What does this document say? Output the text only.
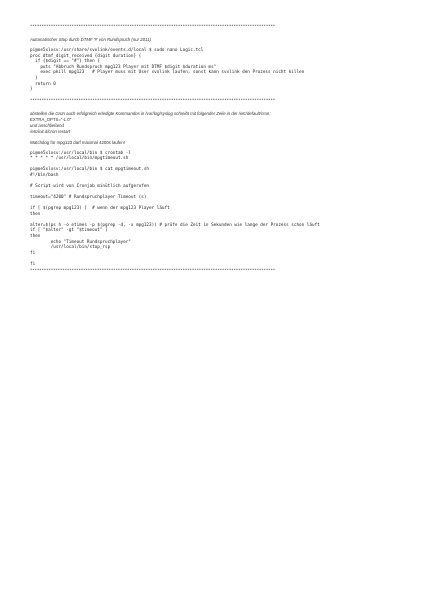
**********************************************************************************************************
Automatischer Stop durch DTMF '#' von Rundspruch (nur 2011)
pi@oe5xlxsv:/usr/share/svxlink/events.d/local $ sudo nano Logic.tcl
proc dtmf_digit_received {digit duration} {
if {$digit == "#"} then {
puts "Abbruch Rundspruch mpg123 Player mit DTMF $digit $duration ms"
exec pkill mpg123   # Player muss mit User svxlink laufen, sonst kann svxlink den Prozess nicht killen
}
return 0
}
**********************************************************************************************************
abstellen die Grün auch erfolgreich erledigte Kommandos in /var/log/syslog schreibt mit folgender Zeile in der /etc/default/cron:
EXTRA_OPTS="-L 0"
und anschließend
/etc/init.d/cron restart
Watchdog für mpg123 darf maximal 4200s laufen!
pi@oe5xlxsv:/usr/local/bin $ crontab -l
* * * * * /usr/local/bin/mpgtimeout.sh
pi@oe5xlxsv:/usr/local/bin $ cat mpgtimeout.sh
#!/bin/bash

# Script wird von Cronjab minütlich aufgerufen

timeout="4200" # Rundspruchplayer Timeout (s)

if [ $(pgrep mpg123) ]  # wenn der mpg123 Player läuft
then

alter=$(ps h -o etimes -p $(pgrep -d, -x mpg123)) # prüfe die Zeit in Sekunden wie lange der Prozess schon läuft
if [ "$alter" -gt "$timeout" ]
then
echo "Timeout Rundspruchplayer"
/usr/local/bin/stop_rsp
fi

fi
**********************************************************************************************************
